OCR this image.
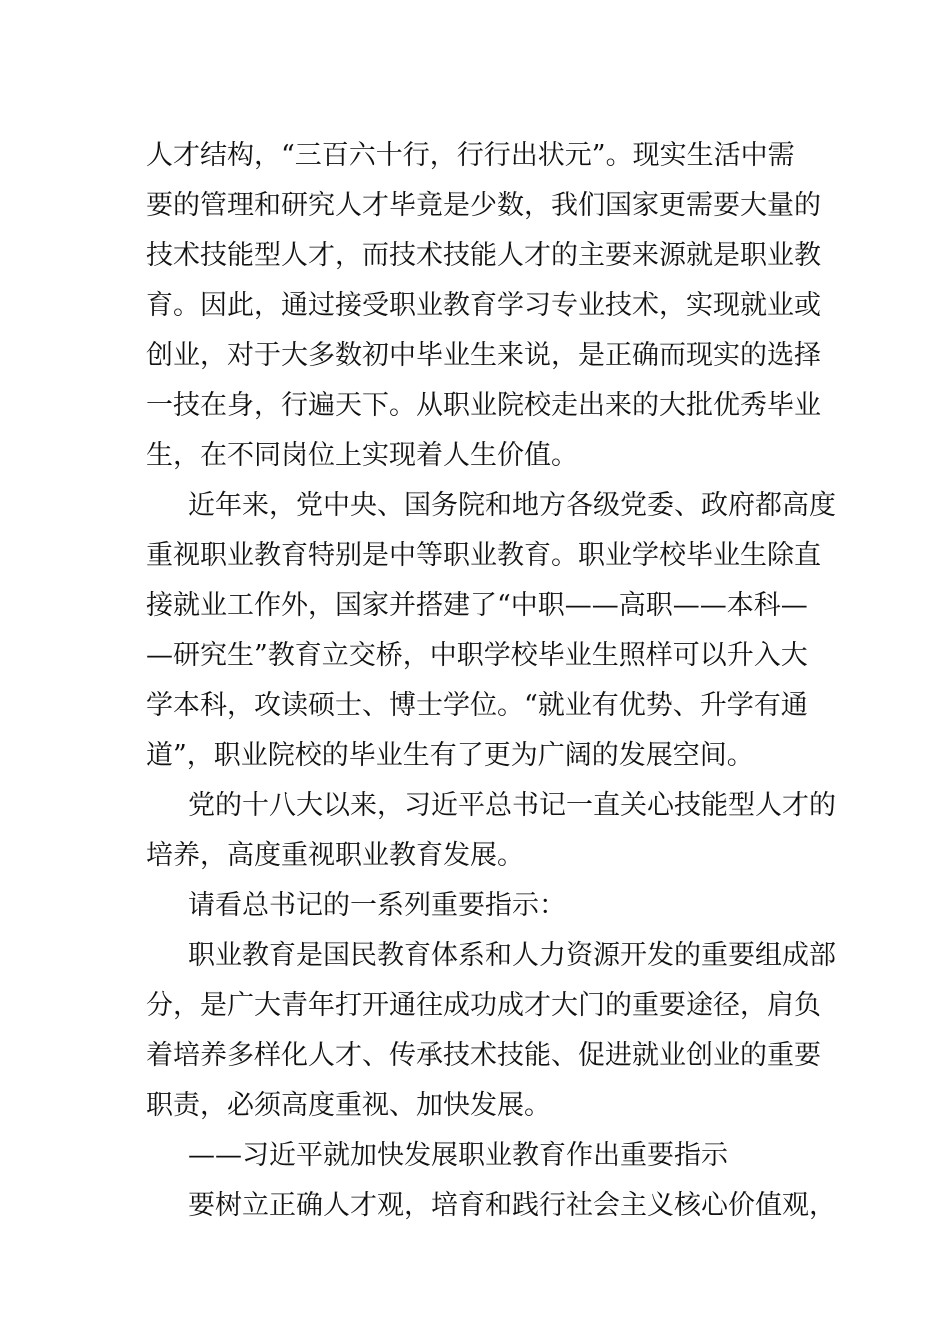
人才结构，“三百六十行，行行出状元”。现实生活中需
要的管理和研究人才毕竟是少数，我们国家更需要大量的
技术技能型人才，而技术技能人才的主要来源就是职业教
育。因此，通过接受职业教育学习专业技术，实现就业或
创业，对于大多数初中毕业生来说，是正确而现实的选择
一技在身，行遍天下。从职业院校走出来的大批优秀毕业
生，在不同岗位上实现着人生价值。
近年来，党中央、国务院和地方各级党委、政府都高度
重视职业教育特别是中等职业教育。职业学校毕业生除直
接就业工作外，国家并搭建了“中职——高职——本科—
—研究生”教育立交桥，中职学校毕业生照样可以升入大
学本科，攻读硕士、博士学位。“就业有优势、升学有通
道”，职业院校的毕业生有了更为广阔的发展空间。
党的十八大以来，习近平总书记一直关心技能型人才的
培养，高度重视职业教育发展。
请看总书记的一系列重要指示：
职业教育是国民教育体系和人力资源开发的重要组成部
分，是广大青年打开通往成功成才大门的重要途径，肩负
着培养多样化人才、传承技术技能、促进就业创业的重要
职责，必须高度重视、加快发展。
——习近平就加快发展职业教育作出重要指示
要树立正确人才观，培育和践行社会主义核心价值观，
